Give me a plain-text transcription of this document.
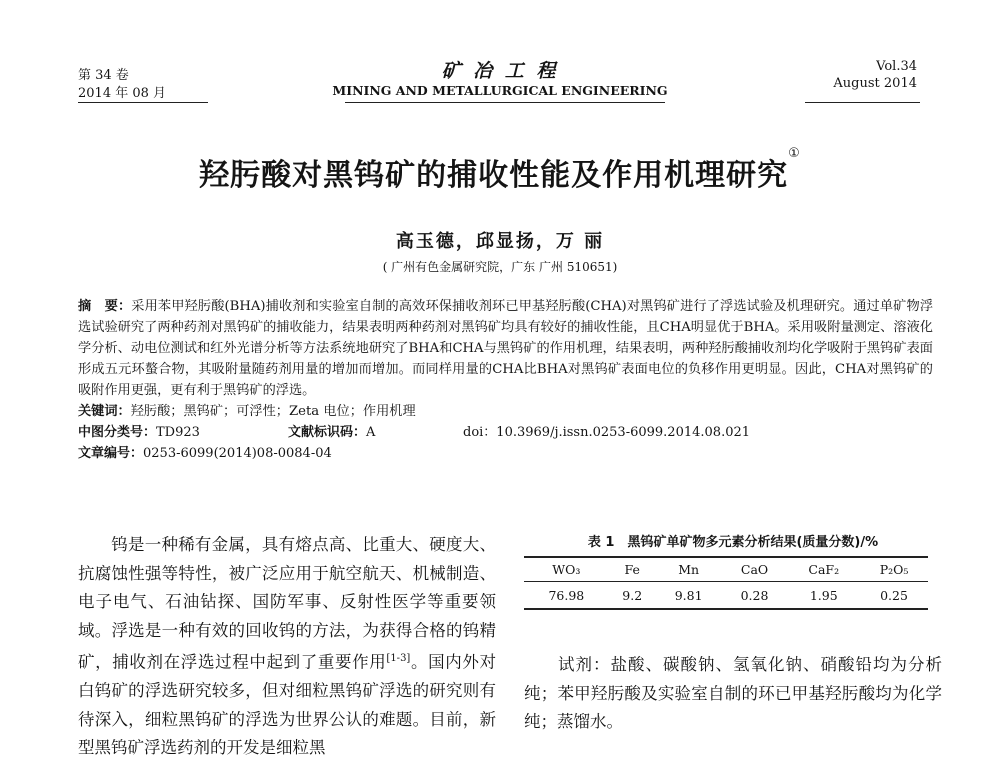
第 34 卷
2014 年 08 月
矿 冶 工 程
MINING AND METALLURGICAL ENGINEERING
Vol.34
August 2014
羟肟酸对黑钨矿的捕收性能及作用机理研究①
高玉德，邱显扬，万 丽
( 广州有色金属研究院，广东 广州 510651)
摘　要：采用苯甲羟肟酸(BHA)捕收剂和实验室自制的高效环保捕收剂环已甲基羟肟酸(CHA)对黑钨矿进行了浮选试验及机理研究。通过单矿物浮选试验研究了两种药剂对黑钨矿的捕收能力，结果表明两种药剂对黑钨矿均具有较好的捕收性能，且CHA明显优于BHA。采用吸附量测定、溶液化学分析、动电位测试和红外光谱分析等方法系统地研究了BHA和CHA与黑钨矿的作用机理，结果表明，两种羟肟酸捕收剂均化学吸附于黑钨矿表面形成五元环螯合物，其吸附量随药剂用量的增加而增加。而同样用量的CHA比BHA对黑钨矿表面电位的负移作用更明显。因此，CHA对黑钨矿的吸附作用更强，更有利于黑钨矿的浮选。
关键词：羟肟酸；黑钨矿；可浮性；Zeta 电位；作用机理
中图分类号：TD923	文献标识码：A	doi：10.3969/j.issn.0253-6099.2014.08.021
文章编号：0253-6099(2014)08-0084-04
钨是一种稀有金属，具有熔点高、比重大、硬度大、抗腐蚀性强等特性，被广泛应用于航空航天、机械制造、电子电气、石油钻探、国防军事、反射性医学等重要领域。浮选是一种有效的回收钨的方法，为获得合格的钨精矿，捕收剂在浮选过程中起到了重要作用[1-3]。国内外对白钨矿的浮选研究较多，但对细粒黑钨矿浮选的研究则有待深入，细粒黑钨矿的浮选为世界公认的难题。目前，新型黑钨矿浮选药剂的开发是细粒黑
表 1　黑钨矿单矿物多元素分析结果(质量分数)/%
WO₃	Fe	Mn	CaO	CaF₂	P₂O₅
76.98	9.2	9.81	0.28	1.95	0.25
试剂：盐酸、碳酸钠、氢氧化钠、硝酸铅均为分析纯；苯甲羟肟酸及实验室自制的环已甲基羟肟酸均为化学纯；蒸馏水。
